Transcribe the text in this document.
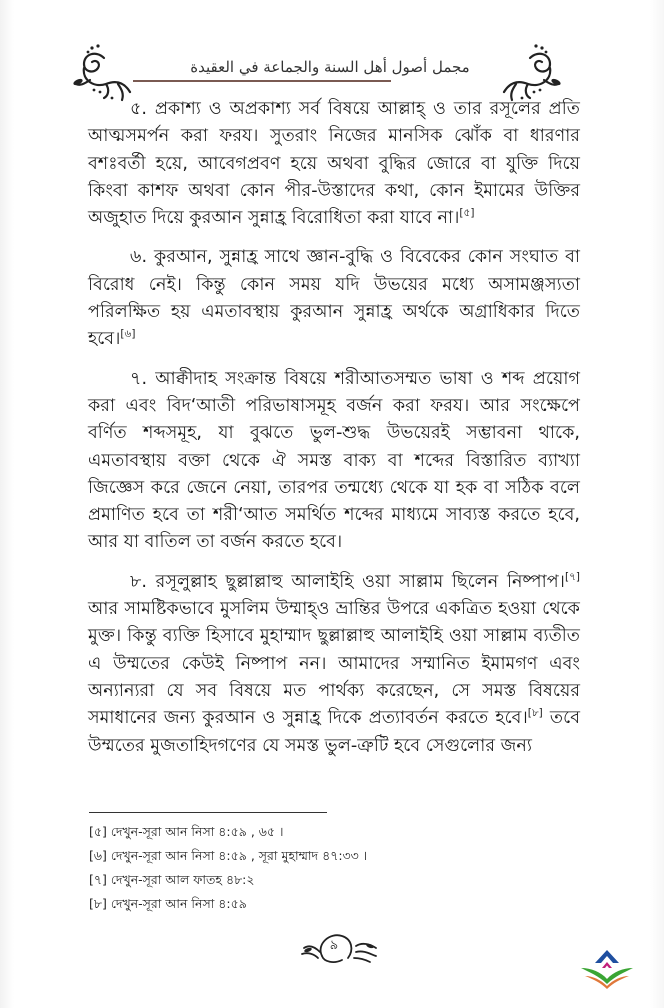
مجمل أصول أهل السنة والجماعة في العقيدة

৫. প্রকাশ্য ও অপ্রকাশ্য সর্ব বিষয়ে আল্লাহ্ ও তার রসূলের প্রতি আত্মসমর্পন করা ফরয। সুতরাং নিজের মানসিক ঝোঁক বা ধারণার বশঃবর্তী হয়ে, আবেগপ্রবণ হয়ে অথবা বুদ্ধির জোরে বা যুক্তি দিয়ে কিংবা কাশফ অথবা কোন পীর-উস্তাদের কথা, কোন ইমামের উক্তির অজুহাত দিয়ে কুরআন সুন্নাহ্র বিরোধিতা করা যাবে না।[৫]

৬. কুরআন, সুন্নাহ্র সাথে জ্ঞান-বুদ্ধি ও বিবেকের কোন সংঘাত বা বিরোধ নেই। কিন্তু কোন সময় যদি উভয়ের মধ্যে অসামঞ্জস্যতা পরিলক্ষিত হয় এমতাবস্থায় কুরআন সুন্নাহ্র অর্থকে অগ্রাধিকার দিতে হবে।[৬]

৭. আক্বীদাহ সংক্রান্ত বিষয়ে শরীআতসম্মত ভাষা ও শব্দ প্রয়োগ করা এবং বিদ‘আতী পরিভাষাসমূহ বর্জন করা ফরয। আর সংক্ষেপে বর্ণিত শব্দসমূহ, যা বুঝতে ভুল-শুদ্ধ উভয়েরই সম্ভাবনা থাকে, এমতাবস্থায় বক্তা থেকে ঐ সমস্ত বাক্য বা শব্দের বিস্তারিত ব্যাখ্যা জিজ্ঞেস করে জেনে নেয়া, তারপর তন্মধ্যে থেকে যা হক বা সঠিক বলে প্রমাণিত হবে তা শরী‘আত সমর্থিত শব্দের মাধ্যমে সাব্যস্ত করতে হবে, আর যা বাতিল তা বর্জন করতে হবে।

৮. রসূলুল্লাহ ছুল্লাল্লাহু আলাইহি ওয়া সাল্লাম ছিলেন নিষ্পাপ।[৭] আর সামষ্টিকভাবে মুসলিম উম্মাহ্ও ভ্রান্তির উপরে একত্রিত হওয়া থেকে মুক্ত। কিন্তু ব্যক্তি হিসাবে মুহাম্মাদ ছুল্লাল্লাহু আলাইহি ওয়া সাল্লাম ব্যতীত এ উম্মতের কেউই নিষ্পাপ নন। আমাদের সম্মানিত ইমামগণ এবং অন্যান্যরা যে সব বিষয়ে মত পার্থক্য করেছেন, সে সমস্ত বিষয়ের সমাধানের জন্য কুরআন ও সুন্নাহ্র দিকে প্রত্যাবর্তন করতে হবে।[৮] তবে উম্মতের মুজতাহিদগণের যে সমস্ত ভুল-ত্রুটি হবে সেগুলোর জন্য

[৫] দেখুন-সূরা আন নিসা ৪:৫৯ , ৬৫ ।
[৬] দেখুন-সূরা আন নিসা ৪:৫৯ , সূরা মুহাম্মাদ ৪৭:৩৩ ।
[৭] দেখুন-সূরা আল ফাতহ ৪৮:২
[৮] দেখুন-সূরা আন নিসা ৪:৫৯
৯
